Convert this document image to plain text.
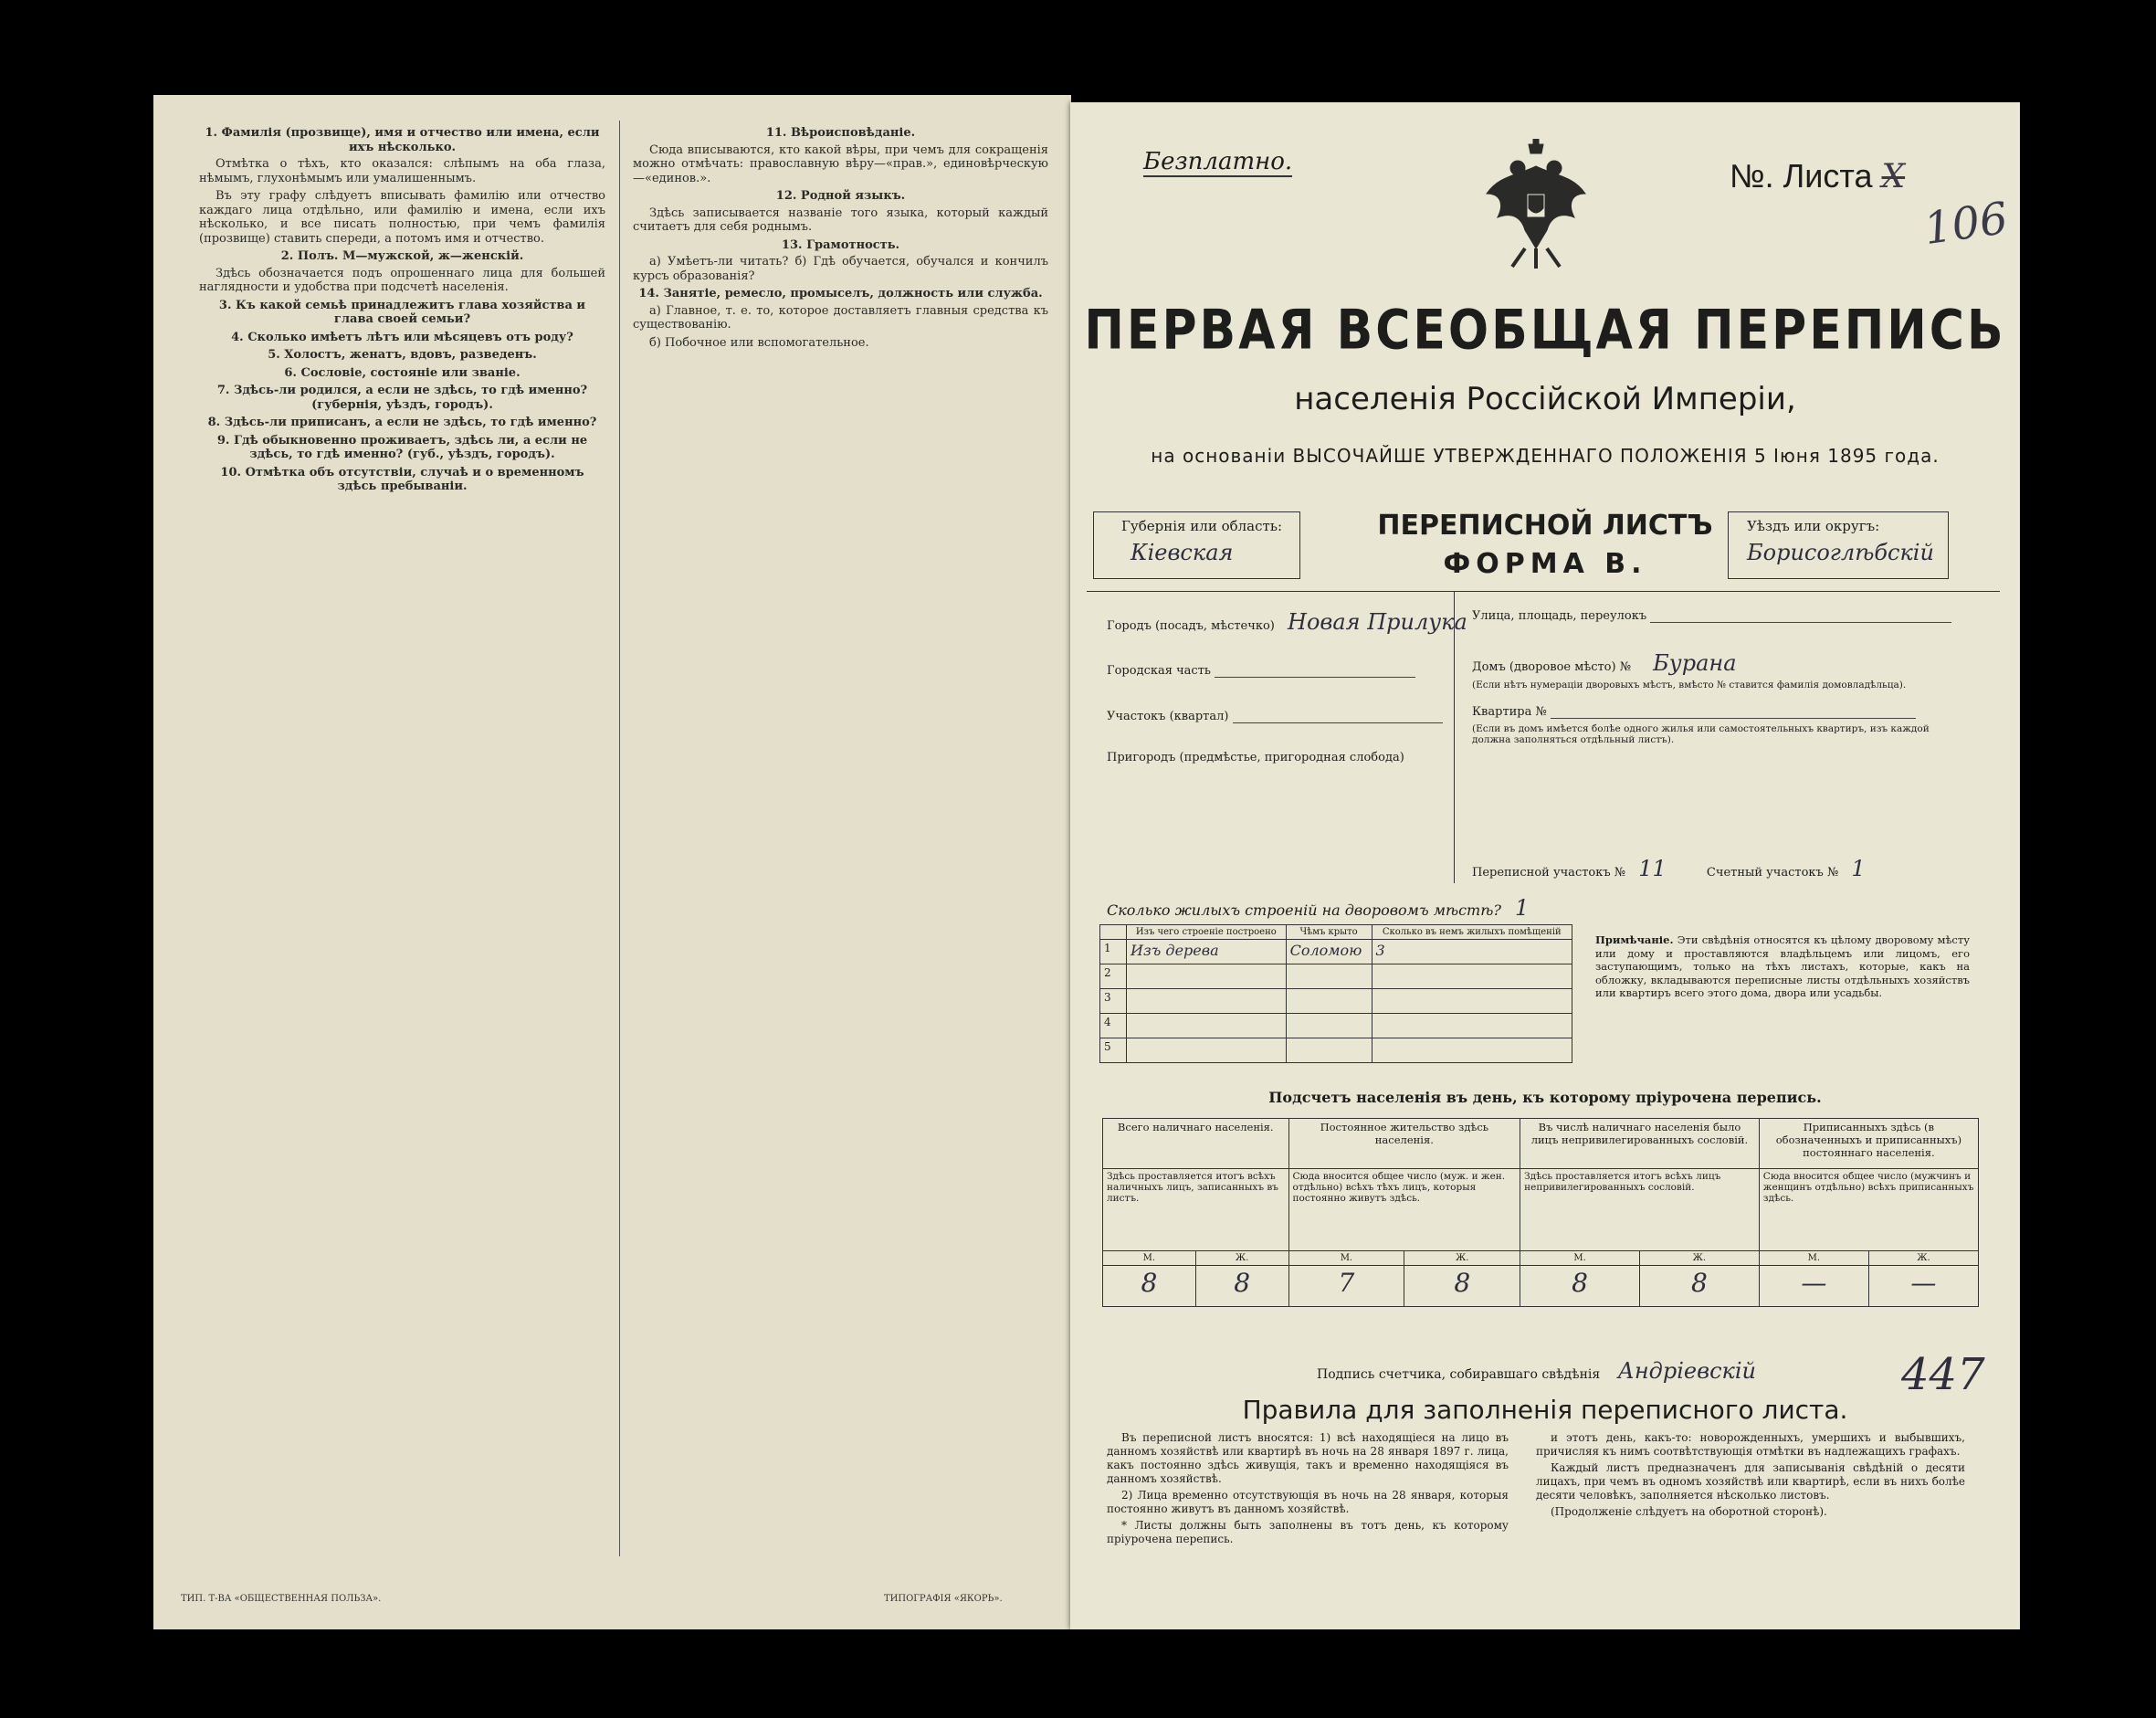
1. Фамилія (прозвище), имя и отчество или имена, если ихъ нѣсколько.

Отмѣтка о тѣхъ, кто оказался: слѣпымъ на оба глаза, нѣмымъ, глухонѣмымъ или умалишеннымъ.

Въ эту графу слѣдуетъ вписывать фамилію или отчество каждаго лица отдѣльно, или фамилію и имена, если ихъ нѣсколько, и все писать полностью, при чемъ фамилія (прозвище) ставить спереди, а потомъ имя и отчество.

2. Полъ. М—мужской, ж—женскій.

Здѣсь обозначается подъ опрошеннаго лица для большей наглядности и удобства при подсчетѣ населенія.

3. Къ какой семьѣ принадлежитъ глава хозяйства и глава своей семьи?
4. Сколько имѣетъ лѣтъ или мѣсяцевъ отъ роду?
5. Холостъ, женатъ, вдовъ, разведенъ.
6. Сословіе, состояніе или званіе.
7. Здѣсь-ли родился, а если не здѣсь, то гдѣ именно? (губернія, уѣздъ, городъ).
8. Здѣсь-ли приписанъ, а если не здѣсь, то гдѣ именно?
9. Гдѣ обыкновенно проживаетъ, здѣсь ли, а если не здѣсь, то гдѣ именно? (губ., уѣздъ, городъ).
10. Отмѣтка объ отсутствіи, случаѣ и о временномъ здѣсь пребываніи.
11. Вѣроисповѣданіе.

Сюда вписываются, кто какой вѣры, при чемъ для сокращенія можно отмѣчать: православную вѣру—«прав.», единовѣрческую—«единов.».

12. Родной языкъ.

Здѣсь записывается названіе того языка, который каждый считаетъ для себя роднымъ.

13. Грамотность.

а) Умѣетъ-ли читать? б) Гдѣ обучается, обучался и кончилъ курсъ образованія?

14. Занятіе, ремесло, промыселъ, должность или служба.

а) Главное, т. е. то, которое доставляетъ главныя средства къ существованію.

б) Побочное или вспомогательное.

ТИП. Т-ВА «ОБЩЕСТВЕННАЯ ПОЛЬЗА».	ТИПОГРАФІЯ «ЯКОРЬ».
Безплатно.	№. Листа X
106
ПЕРВАЯ ВСЕОБЩАЯ ПЕРЕПИСЬ
населенія Россійской Имперіи,
на основаніи ВЫСОЧАЙШЕ УТВЕРЖДЕННАГО ПОЛОЖЕНІЯ 5 Іюня 1895 года.
Губернія или область:
Кіевская
ПЕРЕПИСНОЙ ЛИСТЪ
ФОРМА В.
Уѣздъ или округъ:
Борисоглѣбскій
Городъ (посадъ, мѣстечко) Новая Прилука
Городская часть
Участокъ (квартал)
Пригородъ (предмѣстье, пригородная слобода)
Улица, площадь, переулокъ
Домъ (дворовое мѣсто) № Бурана
(Если нѣтъ нумераціи дворовыхъ мѣстъ, вмѣсто № ставится фамилія домовладѣльца).
Квартира №
(Если въ домъ имѣется болѣе одного жилья или самостоятельныхъ квартиръ, изъ каждой должна заполняться отдѣльный листъ).
Переписной участокъ № 11	Счетный участокъ № 1
Сколько жилыхъ строеній на дворовомъ мѣстѣ? 1
	Изъ чего строеніе построено	Чѣмъ крыто	Сколько въ немъ жилыхъ помѣщеній
1	Изъ дерева	Соломою	3
2			
3			
4			
5			
Примѣчаніе. Эти свѣдѣнія относятся къ цѣлому дворовому мѣсту или дому и проставляются владѣльцемъ или лицомъ, его заступающимъ, только на тѣхъ листахъ, которые, какъ на обложку, вкладываются переписные листы отдѣльныхъ хозяйствъ или квартиръ всего этого дома, двора или усадьбы.
Подсчетъ населенія въ день, къ которому пріурочена перепись.
Всего наличнаго населенія.		Постоянное жительство здѣсь населенія.		Въ числѣ наличнаго населенія было лицъ непривилегированныхъ сословій.		Приписанныхъ здѣсь (в обозначенныхъ и приписанныхъ) постояннаго населенія.	
Здѣсь проставляется итогъ всѣхъ наличныхъ лицъ, записанныхъ въ листъ.		Сюда вносится общее число (муж. и жен. отдѣльно) всѣхъ тѣхъ лицъ, которыя постоянно живутъ здѣсь.		Здѣсь проставляется итогъ всѣхъ лицъ непривилегированныхъ сословій.		Сюда вносится общее число (мужчинъ и женщинъ отдѣльно) всѣхъ приписанныхъ здѣсь.	
М.	Ж.	М.	Ж.	М.	Ж.	М.	Ж.
8	8	7	8	8	8	—	—
Подпись счетчика, собиравшаго свѣдѣнія Андріевскій	447
Правила для заполненія переписного листа.

Въ переписной листъ вносятся: 1) всѣ находящіеся на лицо въ данномъ хозяйствѣ или квартирѣ въ ночь на 28 января 1897 г. лица, какъ постоянно здѣсь живущія, такъ и временно находящіяся въ данномъ хозяйствѣ.

2) Лица временно отсутствующія въ ночь на 28 января, которыя постоянно живутъ въ данномъ хозяйствѣ.

* Листы должны быть заполнены въ тотъ день, къ которому пріурочена перепись.

и этотъ день, какъ-то: новорожденныхъ, умершихъ и выбывшихъ, причисляя къ нимъ соотвѣтствующія отмѣтки въ надлежащихъ графахъ.

Каждый листъ предназначенъ для записыванія свѣдѣній о десяти лицахъ, при чемъ въ одномъ хозяйствѣ или квартирѣ, если въ нихъ болѣе десяти человѣкъ, заполняется нѣсколько листовъ.

(Продолженіе слѣдуетъ на оборотной сторонѣ).
